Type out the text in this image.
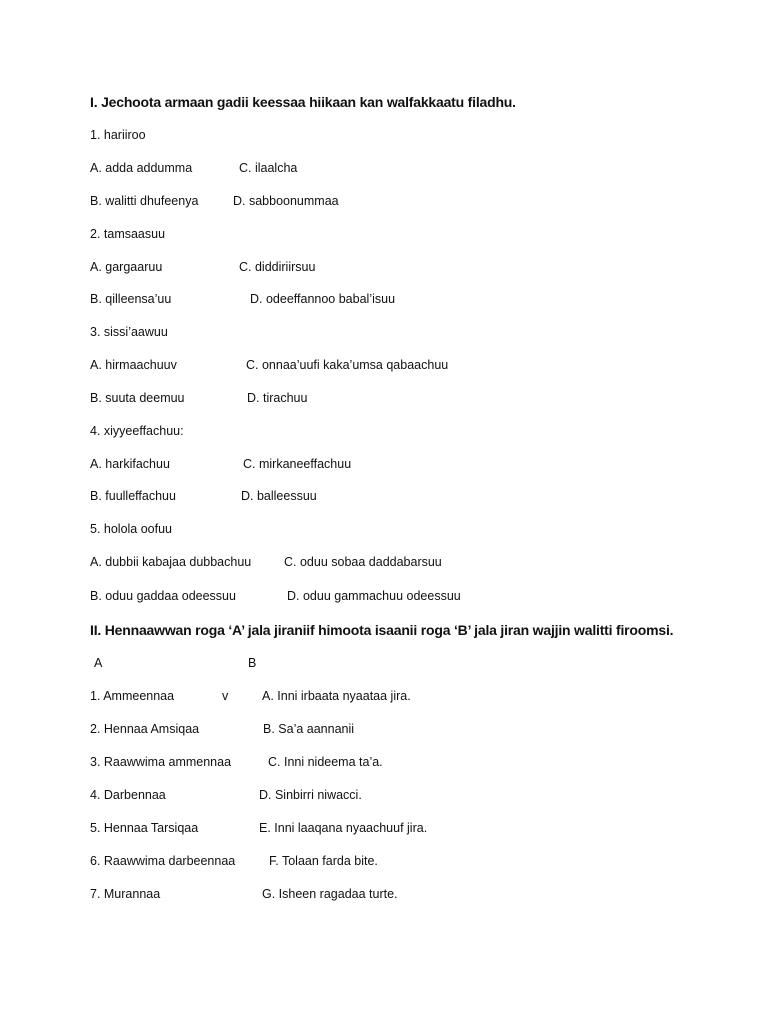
I. Jechoota armaan gadii keessaa hiikaan kan walfakkaatu filadhu.
1. hariiroo
A. adda addumma	C. ilaalcha
B. walitti dhufeenya	D. sabboonummaa
2. tamsaasuu
A. gargaaruu	C. diddiriirsuu
B. qilleensa’uu	D. odeeffannoo babal’isuu
3. sissi’aawuu
A. hirmaachuuv	C. onnaa’uufi kaka’umsa qabaachuu
B. suuta deemuu	D. tirachuu
4. xiyyeeffachuu:
A. harkifachuu	C. mirkaneeffachuu
B. fuulleffachuu	D. balleessuu
5. holola oofuu
A. dubbii kabajaa dubbachuu	C. oduu sobaa daddabarsuu
B. oduu gaddaa odeessuu	D. oduu gammachuu odeessuu
II. Hennaawwan roga ‘A’ jala jiraniif himoota isaanii roga ‘B’ jala jiran wajjin walitti firoomsi.
A	B
1. Ammeennaa	v	A. Inni irbaata nyaataa jira.
2. Hennaa Amsiqaa	B. Sa’a aannanii
3. Raawwima ammennaa	C. Inni nideema ta’a.
4. Darbennaa	D. Sinbirri niwacci.
5. Hennaa Tarsiqaa	E. Inni laaqana nyaachuuf jira.
6. Raawwima darbeennaa	F. Tolaan farda bite.
7. Murannaa	G. Isheen ragadaa turte.
